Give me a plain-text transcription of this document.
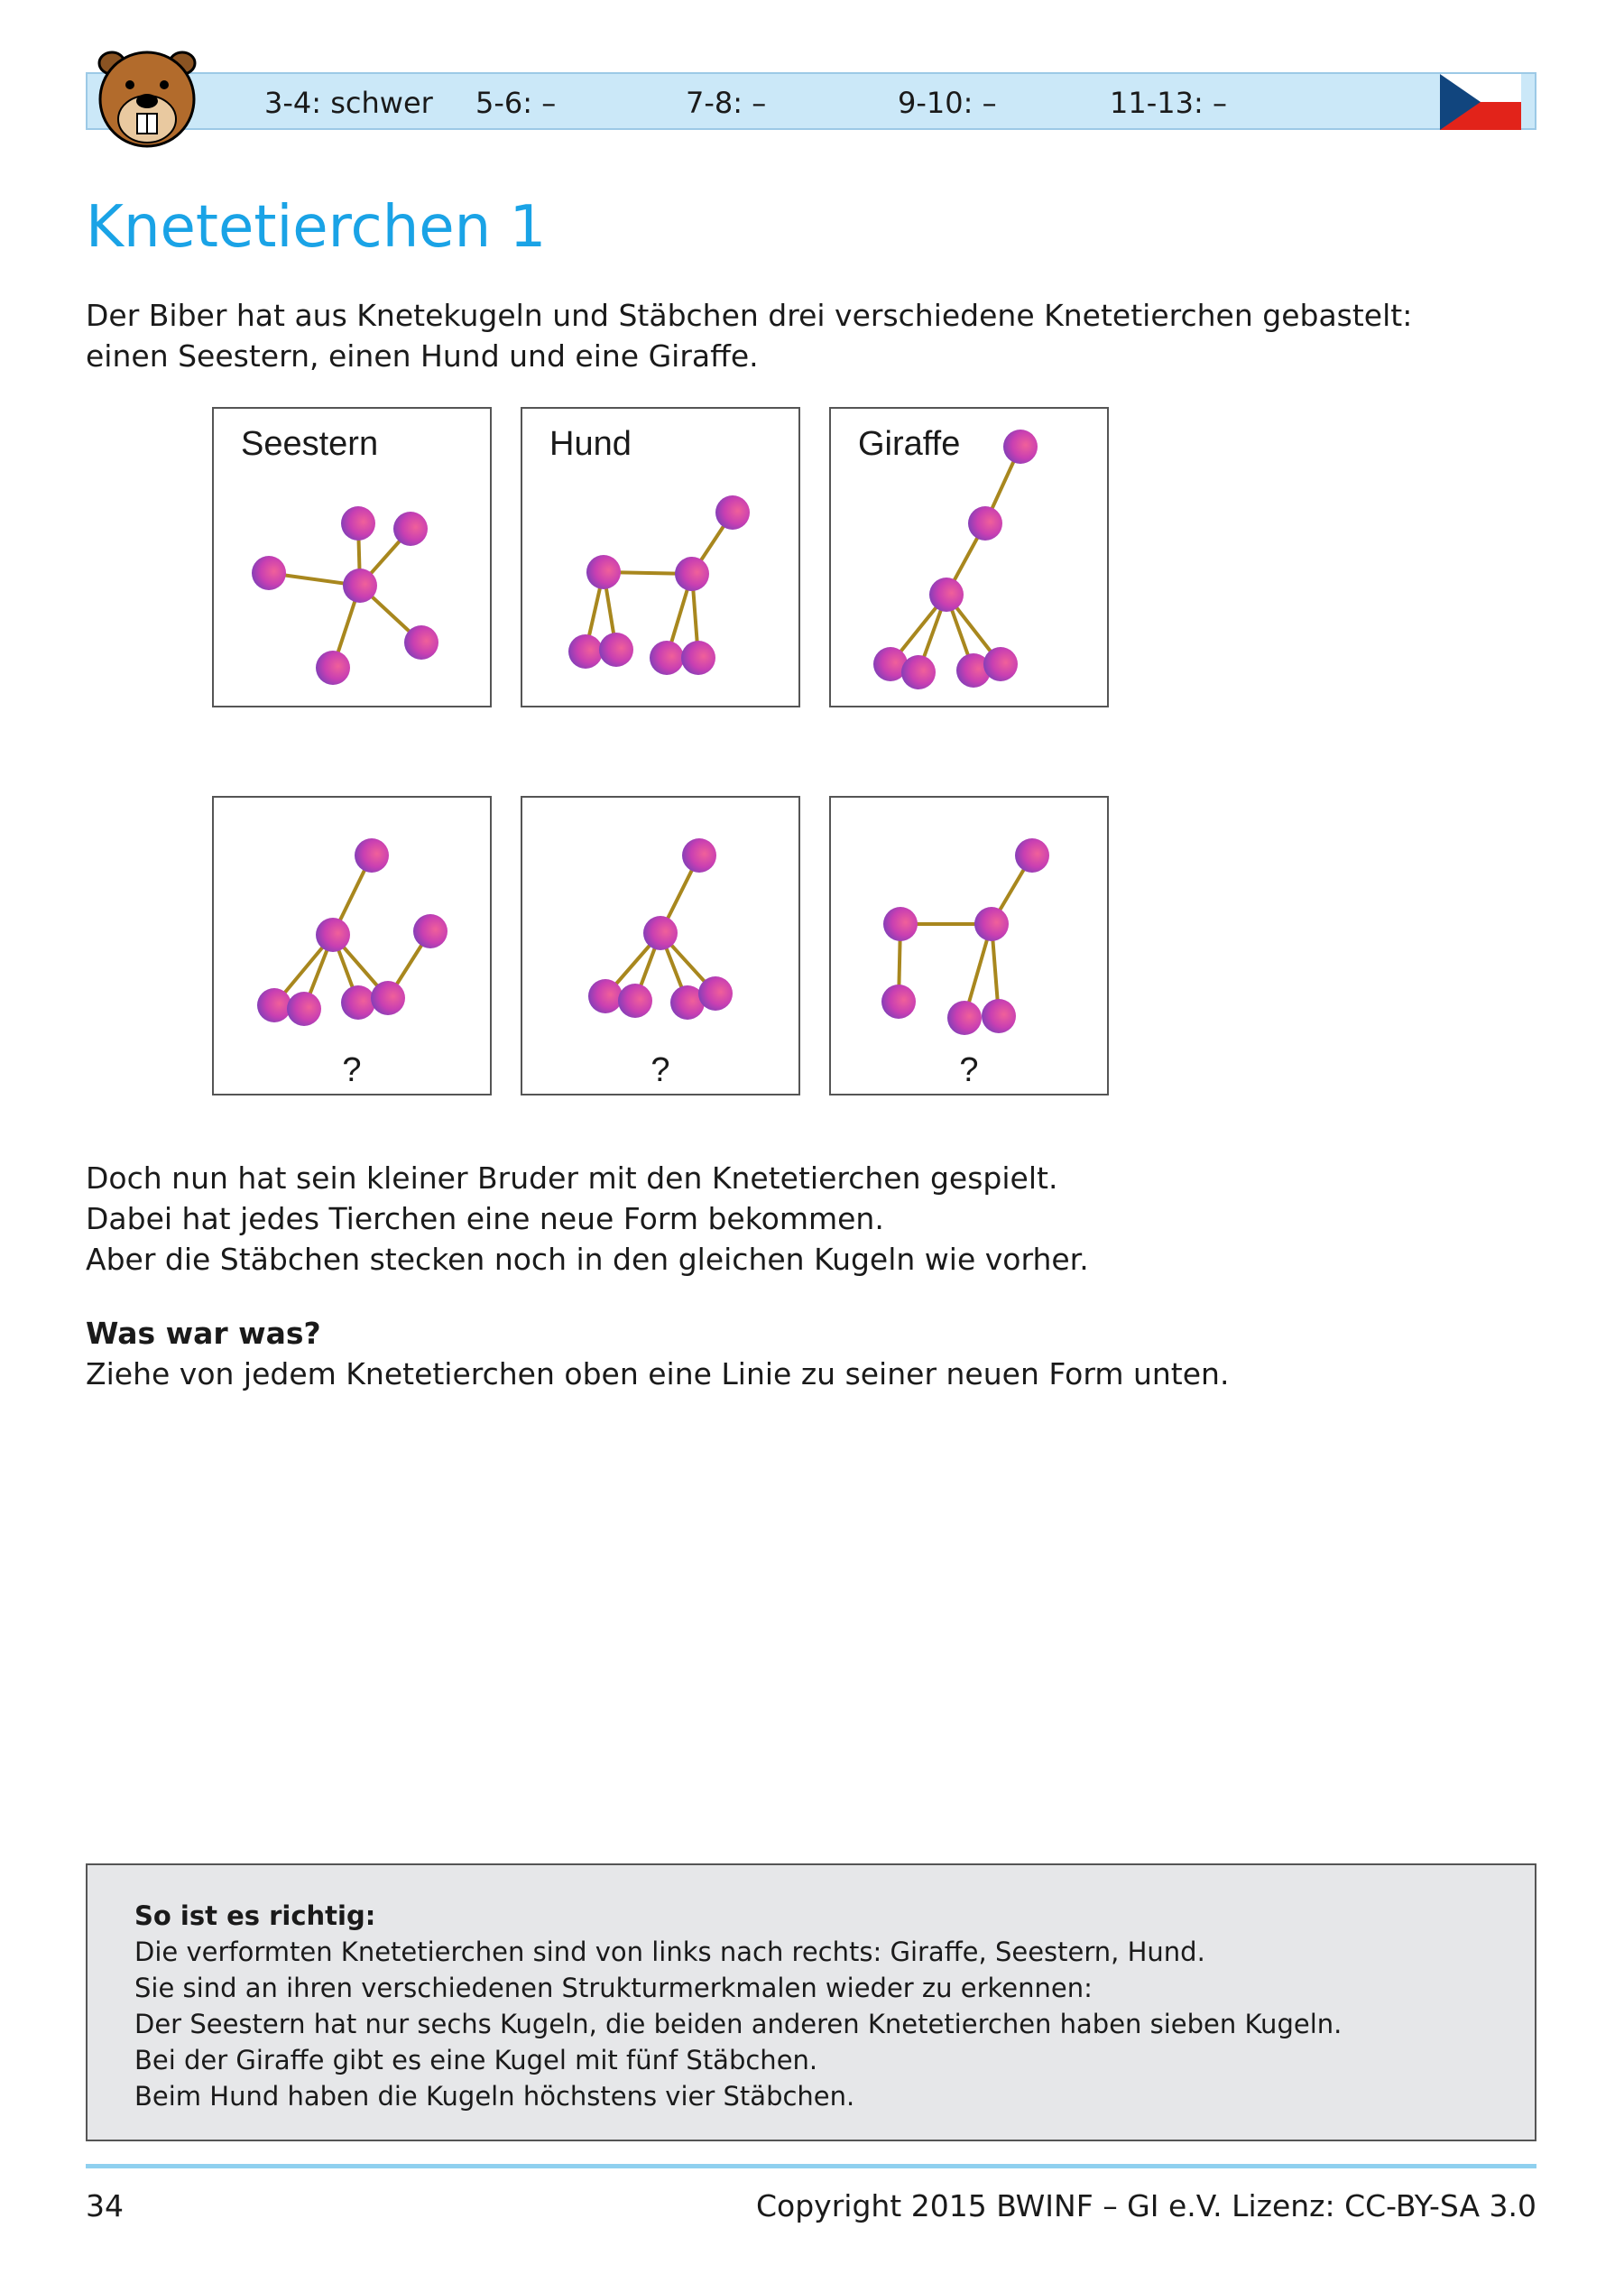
3-4: schwer 5-6: –	7-8: –	9-10: –	11-13: –
Knetetierchen 1

Der Biber hat aus Knetekugeln und Stäbchen drei verschiedene Knetetierchen gebastelt:

einen Seestern, einen Hund und eine Giraffe.

Seestern	Hund	Giraffe
?	?	?

Doch nun hat sein kleiner Bruder mit den Knetetierchen gespielt.

Dabei hat jedes Tierchen eine neue Form bekommen.

Aber die Stäbchen stecken noch in den gleichen Kugeln wie vorher.

Was war was?

Ziehe von jedem Knetetierchen oben eine Linie zu seiner neuen Form unten.

So ist es richtig:

Die verformten Knetetierchen sind von links nach rechts: Giraffe, Seestern, Hund.

Sie sind an ihren verschiedenen Strukturmerkmalen wieder zu erkennen:

Der Seestern hat nur sechs Kugeln, die beiden anderen Knetetierchen haben sieben Kugeln.

Bei der Giraffe gibt es eine Kugel mit fünf Stäbchen.

Beim Hund haben die Kugeln höchstens vier Stäbchen.

34	Copyright 2015 BWINF – GI e.V. Lizenz: CC-BY-SA 3.0
